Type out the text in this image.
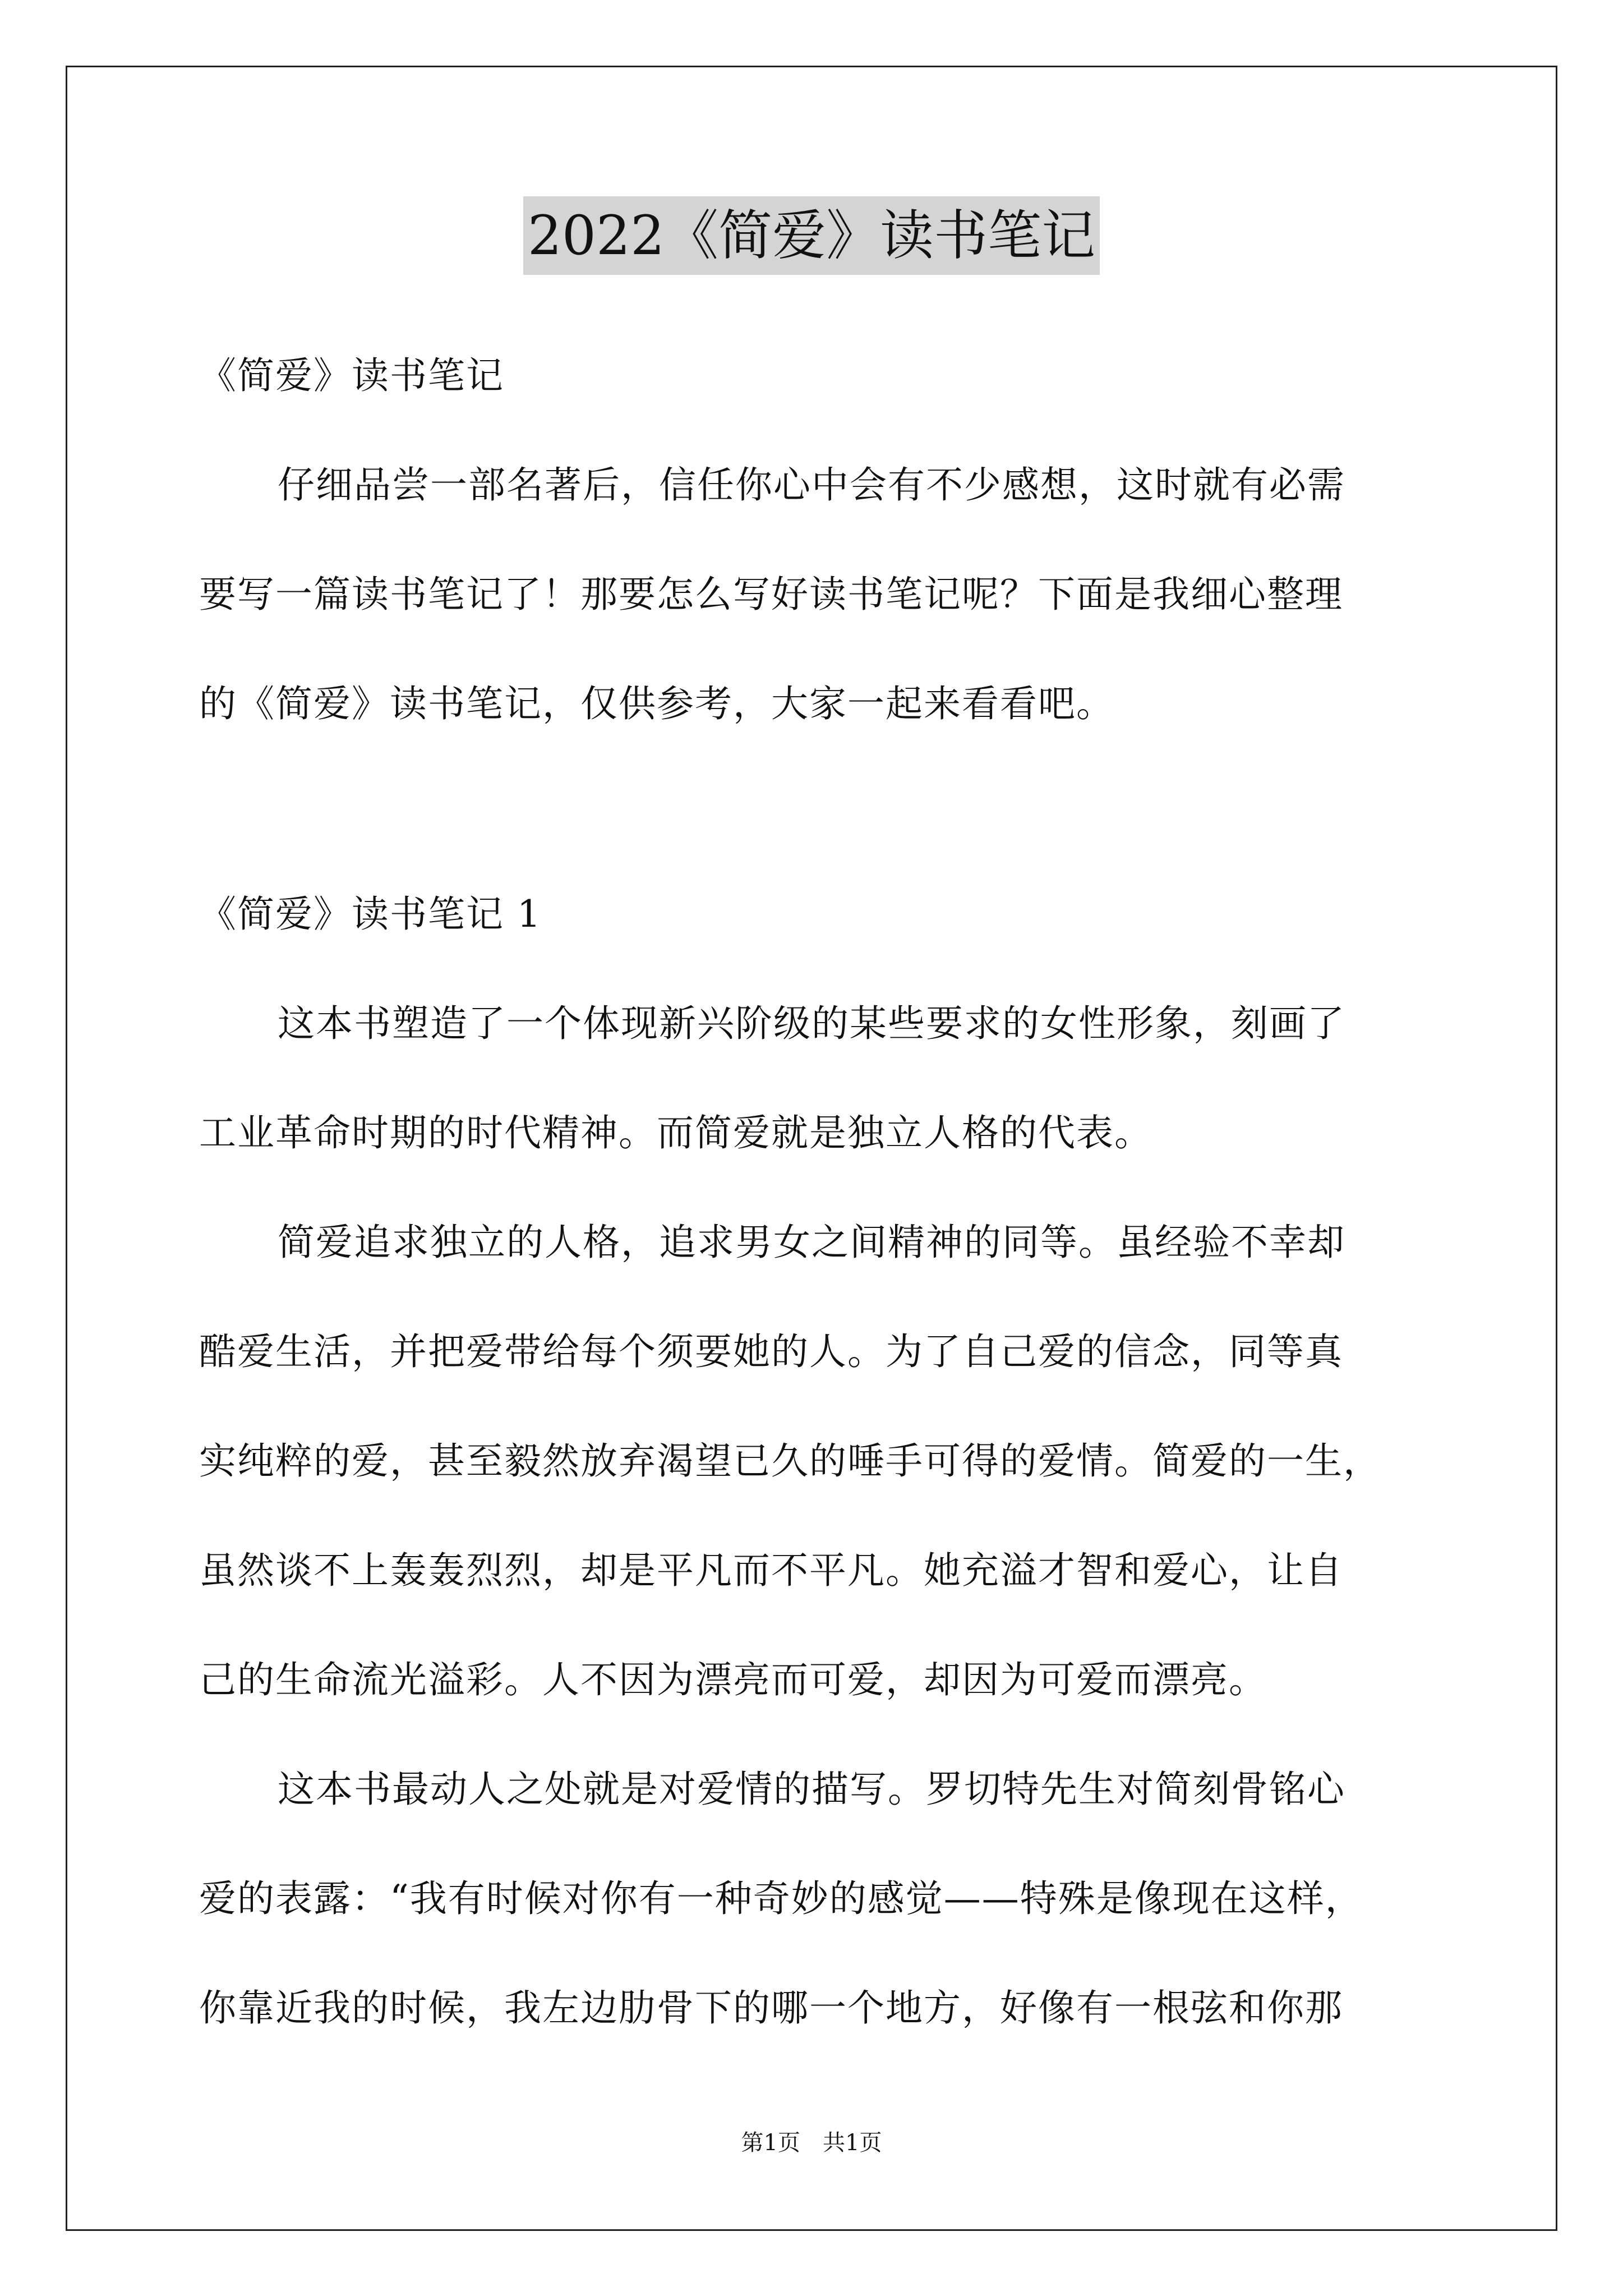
2022《简爱》读书笔记
《简爱》读书笔记
仔细品尝一部名著后，信任你心中会有不少感想，这时就有必需
要写一篇读书笔记了！那要怎么写好读书笔记呢？下面是我细心整理
的《简爱》读书笔记，仅供参考，大家一起来看看吧。
《简爱》读书笔记 1
这本书塑造了一个体现新兴阶级的某些要求的女性形象，刻画了
工业革命时期的时代精神。而简爱就是独立人格的代表。
简爱追求独立的人格，追求男女之间精神的同等。虽经验不幸却
酷爱生活，并把爱带给每个须要她的人。为了自己爱的信念，同等真
实纯粹的爱，甚至毅然放弃渴望已久的唾手可得的爱情。简爱的一生，
虽然谈不上轰轰烈烈，却是平凡而不平凡。她充溢才智和爱心，让自
己的生命流光溢彩。人不因为漂亮而可爱，却因为可爱而漂亮。
这本书最动人之处就是对爱情的描写。罗切特先生对简刻骨铭心
爱的表露：“我有时候对你有一种奇妙的感觉——特殊是像现在这样，
你靠近我的时候，我左边肋骨下的哪一个地方，好像有一根弦和你那
第1页　共1页
